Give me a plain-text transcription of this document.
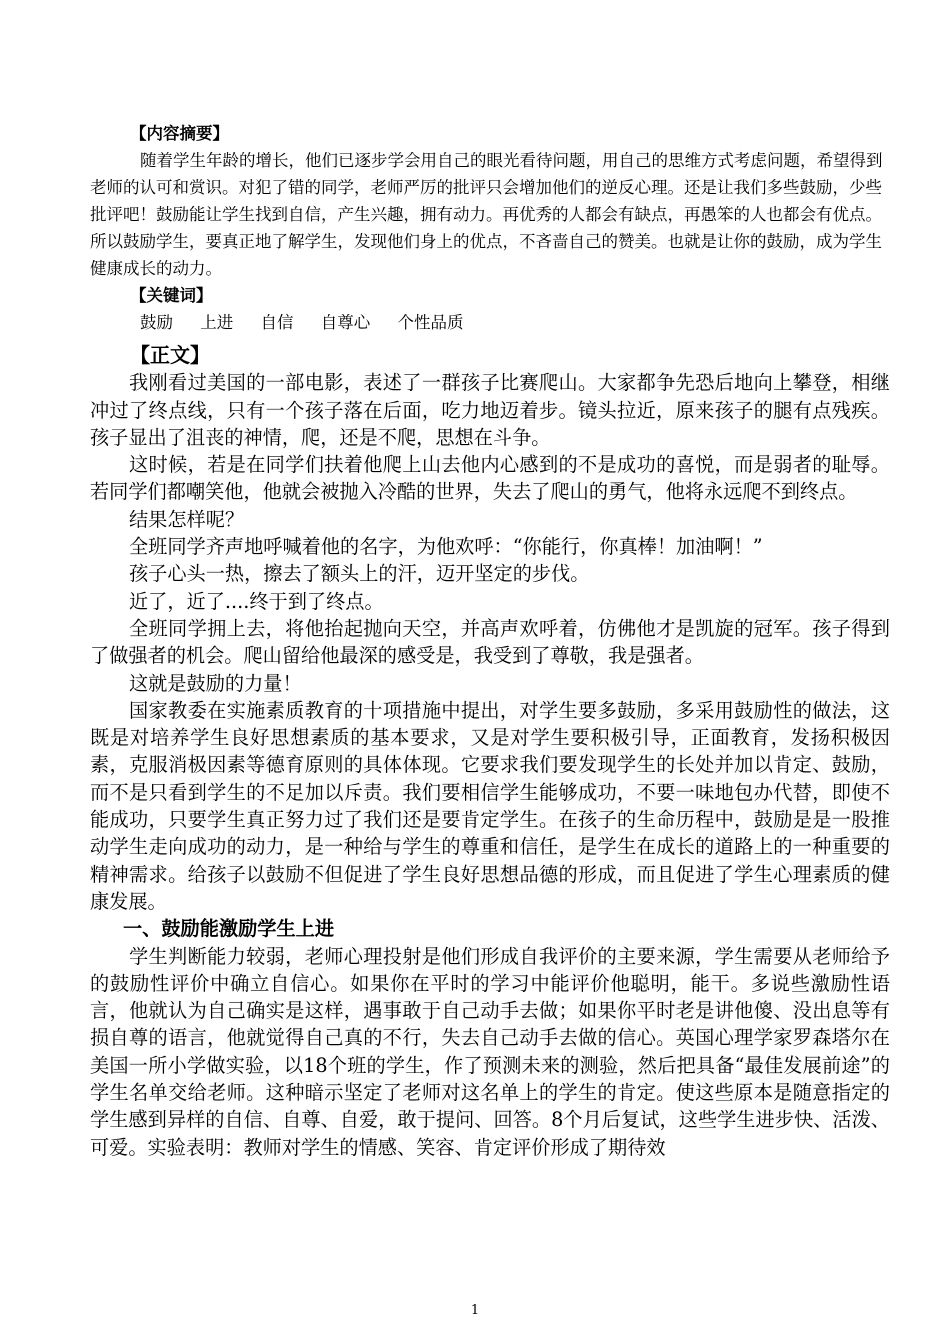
【内容摘要】
随着学生年龄的增长，他们已逐步学会用自己的眼光看待问题，用自己的思维方式考虑问题，希望得到老师的认可和赏识。对犯了错的同学，老师严厉的批评只会增加他们的逆反心理。还是让我们多些鼓励，少些批评吧！鼓励能让学生找到自信，产生兴趣，拥有动力。再优秀的人都会有缺点，再愚笨的人也都会有优点。所以鼓励学生，要真正地了解学生，发现他们身上的优点，不吝啬自己的赞美。也就是让你的鼓励，成为学生健康成长的动力。
【关键词】
鼓励 上进 自信 自尊心 个性品质
【正文】

我刚看过美国的一部电影，表述了一群孩子比赛爬山。大家都争先恐后地向上攀登，相继冲过了终点线，只有一个孩子落在后面，吃力地迈着步。镜头拉近，原来孩子的腿有点残疾。孩子显出了沮丧的神情，爬，还是不爬，思想在斗争。

这时候，若是在同学们扶着他爬上山去他内心感到的不是成功的喜悦，而是弱者的耻辱。若同学们都嘲笑他，他就会被抛入冷酷的世界，失去了爬山的勇气，他将永远爬不到终点。

结果怎样呢？

全班同学齐声地呼喊着他的名字，为他欢呼：“你能行，你真棒！加油啊！”

孩子心头一热，擦去了额头上的汗，迈开坚定的步伐。

近了，近了....终于到了终点。

全班同学拥上去，将他抬起抛向天空，并高声欢呼着，仿佛他才是凯旋的冠军。孩子得到了做强者的机会。爬山留给他最深的感受是，我受到了尊敬，我是强者。

这就是鼓励的力量！

国家教委在实施素质教育的十项措施中提出，对学生要多鼓励，多采用鼓励性的做法，这既是对培养学生良好思想素质的基本要求，又是对学生要积极引导，正面教育，发扬积极因素，克服消极因素等德育原则的具体体现。它要求我们要发现学生的长处并加以肯定、鼓励，而不是只看到学生的不足加以斥责。我们要相信学生能够成功，不要一味地包办代替，即使不能成功，只要学生真正努力过了我们还是要肯定学生。在孩子的生命历程中，鼓励是是一股推动学生走向成功的动力，是一种给与学生的尊重和信任，是学生在成长的道路上的一种重要的精神需求。给孩子以鼓励不但促进了学生良好思想品德的形成，而且促进了学生心理素质的健康发展。

一、鼓励能激励学生上进

学生判断能力较弱，老师心理投射是他们形成自我评价的主要来源，学生需要从老师给予的鼓励性评价中确立自信心。如果你在平时的学习中能评价他聪明，能干。多说些激励性语言，他就认为自己确实是这样，遇事敢于自己动手去做；如果你平时老是讲他傻、没出息等有损自尊的语言，他就觉得自己真的不行，失去自己动手去做的信心。英国心理学家罗森塔尔在美国一所小学做实验，以18个班的学生，作了预测未来的测验，然后把具备“最佳发展前途”的学生名单交给老师。这种暗示坚定了老师对这名单上的学生的肯定。使这些原本是随意指定的学生感到异样的自信、自尊、自爱，敢于提问、回答。8个月后复试，这些学生进步快、活泼、可爱。实验表明：教师对学生的情感、笑容、肯定评价形成了期待效

1
